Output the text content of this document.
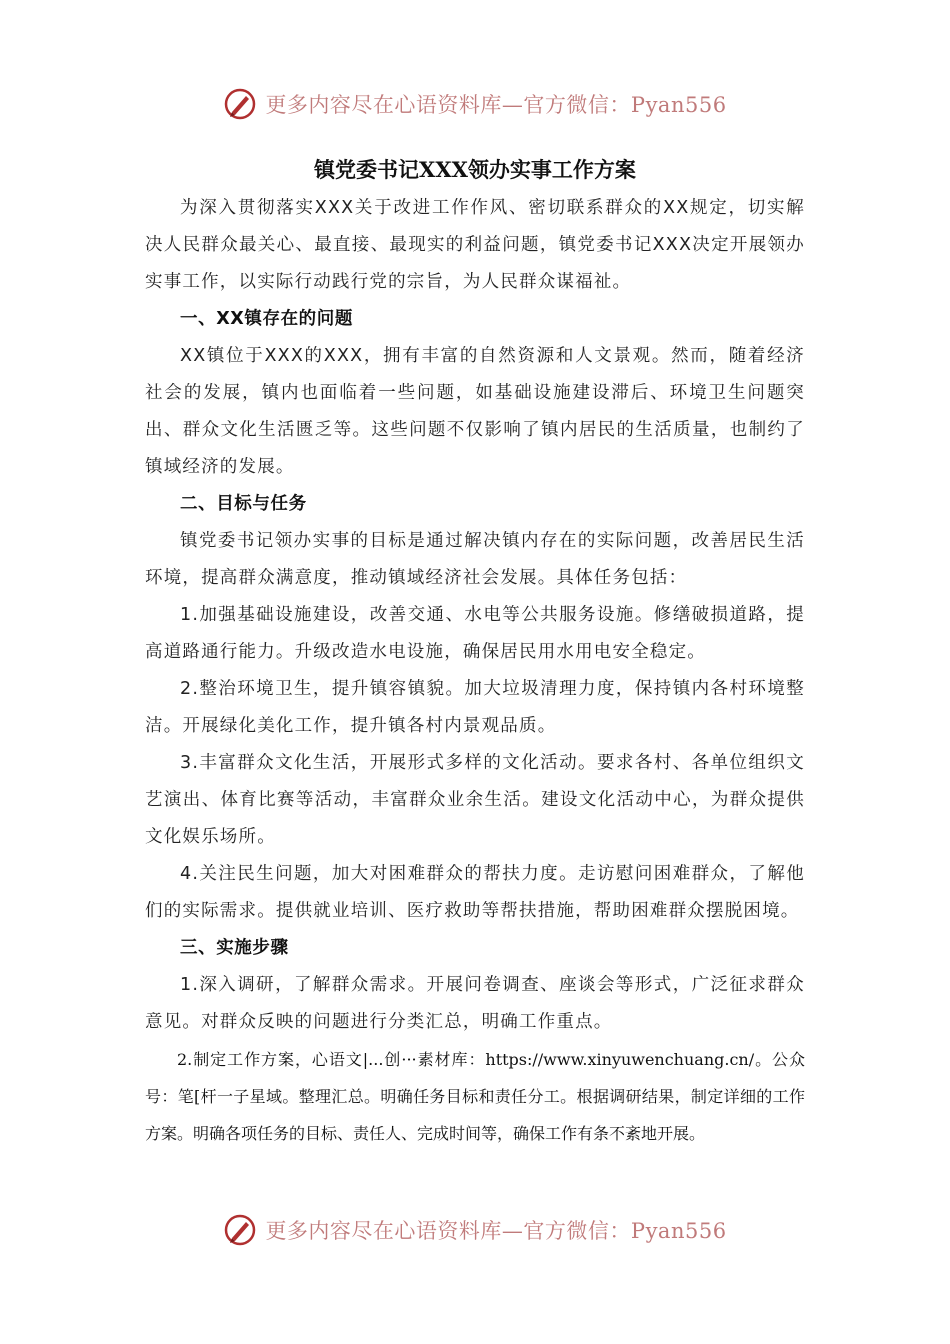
更多内容尽在心语资料库—官方微信：Pyan556
镇党委书记XXX领办实事工作方案

为深入贯彻落实XXX关于改进工作作风、密切联系群众的XX规定，切实解决人民群众最关心、最直接、最现实的利益问题，镇党委书记XXX决定开展领办实事工作，以实际行动践行党的宗旨，为人民群众谋福祉。

一、XX镇存在的问题

XX镇位于XXX的XXX，拥有丰富的自然资源和人文景观。然而，随着经济社会的发展，镇内也面临着一些问题，如基础设施建设滞后、环境卫生问题突出、群众文化生活匮乏等。这些问题不仅影响了镇内居民的生活质量，也制约了镇域经济的发展。

二、目标与任务

镇党委书记领办实事的目标是通过解决镇内存在的实际问题，改善居民生活环境，提高群众满意度，推动镇域经济社会发展。具体任务包括：

1.加强基础设施建设，改善交通、水电等公共服务设施。修缮破损道路，提高道路通行能力。升级改造水电设施，确保居民用水用电安全稳定。

2.整治环境卫生，提升镇容镇貌。加大垃圾清理力度，保持镇内各村环境整洁。开展绿化美化工作，提升镇各村内景观品质。

3.丰富群众文化生活，开展形式多样的文化活动。要求各村、各单位组织文艺演出、体育比赛等活动，丰富群众业余生活。建设文化活动中心，为群众提供文化娱乐场所。

4.关注民生问题，加大对困难群众的帮扶力度。走访慰问困难群众，了解他们的实际需求。提供就业培训、医疗救助等帮扶措施，帮助困难群众摆脱困境。

三、实施步骤

1.深入调研，了解群众需求。开展问卷调查、座谈会等形式，广泛征求群众意见。对群众反映的问题进行分类汇总，明确工作重点。

2.制定工作方案，心语文|...创···素材库：https://www.xinyuwenchuang.cn/。公众号：笔[杆一子星域。整理汇总。明确任务目标和责任分工。根据调研结果，制定详细的工作方案。明确各项任务的目标、责任人、完成时间等，确保工作有条不紊地开展。

更多内容尽在心语资料库—官方微信：Pyan556
